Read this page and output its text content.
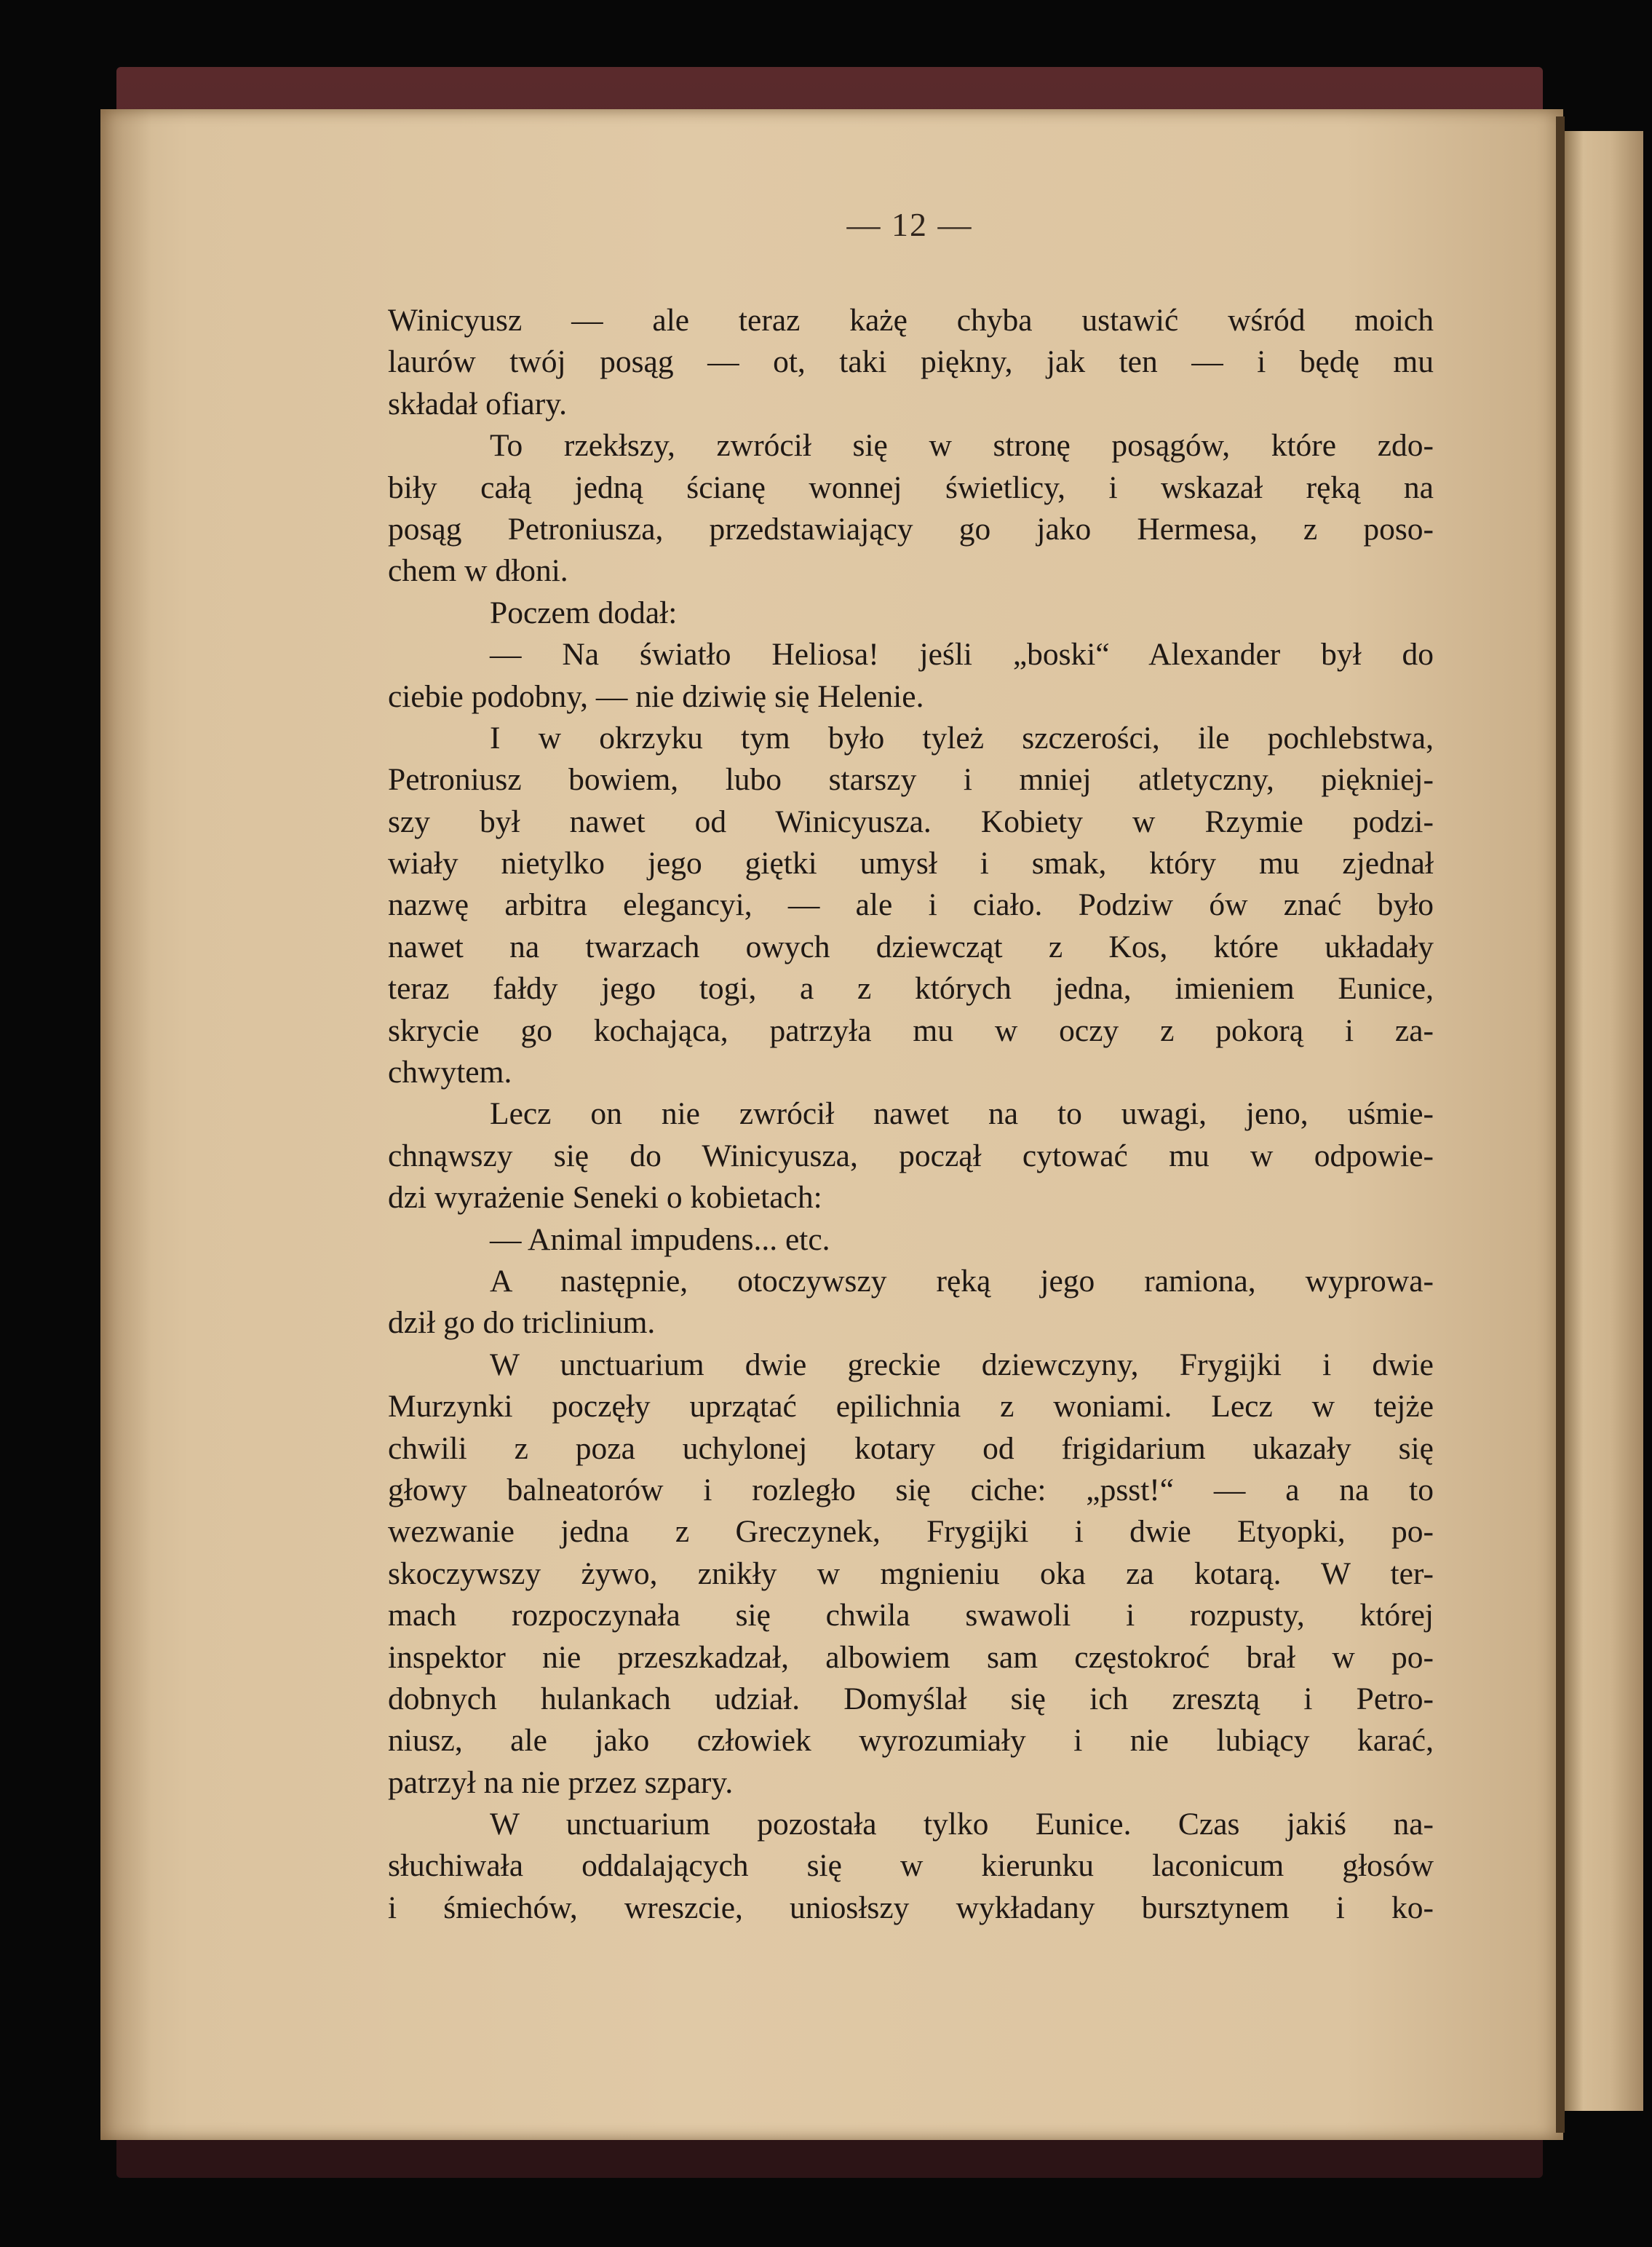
— 12 —
Winicyusz — ale teraz każę chyba ustawić wśród moich
laurów twój posąg — ot, taki piękny, jak ten — i będę mu
składał ofiary.
To rzekłszy, zwrócił się w stronę posągów, które zdo-
biły całą jedną ścianę wonnej świetlicy, i wskazał ręką na
posąg Petroniusza, przedstawiający go jako Hermesa, z poso-
chem w dłoni.
Poczem dodał:
— Na światło Heliosa! jeśli „boski“ Alexander był do
ciebie podobny, — nie dziwię się Helenie.
I w okrzyku tym było tyleż szczerości, ile pochlebstwa,
Petroniusz bowiem, lubo starszy i mniej atletyczny, piękniej-
szy był nawet od Winicyusza. Kobiety w Rzymie podzi-
wiały nietylko jego giętki umysł i smak, który mu zjednał
nazwę arbitra elegancyi, — ale i ciało. Podziw ów znać było
nawet na twarzach owych dziewcząt z Kos, które układały
teraz fałdy jego togi, a z których jedna, imieniem Eunice,
skrycie go kochająca, patrzyła mu w oczy z pokorą i za-
chwytem.
Lecz on nie zwrócił nawet na to uwagi, jeno, uśmie-
chnąwszy się do Winicyusza, począł cytować mu w odpowie-
dzi wyrażenie Seneki o kobietach:
— Animal impudens... etc.
A następnie, otoczywszy ręką jego ramiona, wyprowa-
dził go do triclinium.
W unctuarium dwie greckie dziewczyny, Frygijki i dwie
Murzynki poczęły uprzątać epilichnia z woniami. Lecz w tejże
chwili z poza uchylonej kotary od frigidarium ukazały się
głowy balneatorów i rozległo się ciche: „psst!“ — a na to
wezwanie jedna z Greczynek, Frygijki i dwie Etyopki, po-
skoczywszy żywo, znikły w mgnieniu oka za kotarą. W ter-
mach rozpoczynała się chwila swawoli i rozpusty, której
inspektor nie przeszkadzał, albowiem sam częstokroć brał w po-
dobnych hulankach udział. Domyślał się ich zresztą i Petro-
niusz, ale jako człowiek wyrozumiały i nie lubiący karać,
patrzył na nie przez szpary.
W unctuarium pozostała tylko Eunice. Czas jakiś na-
słuchiwała oddalających się w kierunku laconicum głosów
i śmiechów, wreszcie, uniosłszy wykładany bursztynem i ko-
